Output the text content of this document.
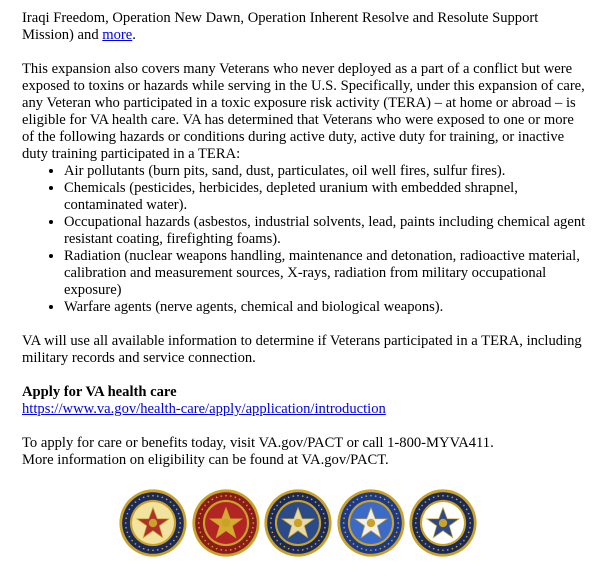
Iraqi Freedom, Operation New Dawn, Operation Inherent Resolve and Resolute Support Mission) and more.

This expansion also covers many Veterans who never deployed as a part of a conflict but were exposed to toxins or hazards while serving in the U.S. Specifically, under this expansion of care, any Veteran who participated in a toxic exposure risk activity (TERA) – at home or abroad – is eligible for VA health care. VA has determined that Veterans who were exposed to one or more of the following hazards or conditions during active duty, active duty for training, or inactive duty training participated in a TERA:

• Air pollutants (burn pits, sand, dust, particulates, oil well fires, sulfur fires).
• Chemicals (pesticides, herbicides, depleted uranium with embedded shrapnel, contaminated water).
• Occupational hazards (asbestos, industrial solvents, lead, paints including chemical agent resistant coating, firefighting foams).
• Radiation (nuclear weapons handling, maintenance and detonation, radioactive material, calibration and measurement sources, X-rays, radiation from military occupational exposure)
• Warfare agents (nerve agents, chemical and biological weapons).

VA will use all available information to determine if Veterans participated in a TERA, including military records and service connection.

Apply for VA health care

https://www.va.gov/health-care/apply/application/introduction

To apply for care or benefits today, visit VA.gov/PACT or call 1-800-MYVA411.

More information on eligibility can be found at VA.gov/PACT.
